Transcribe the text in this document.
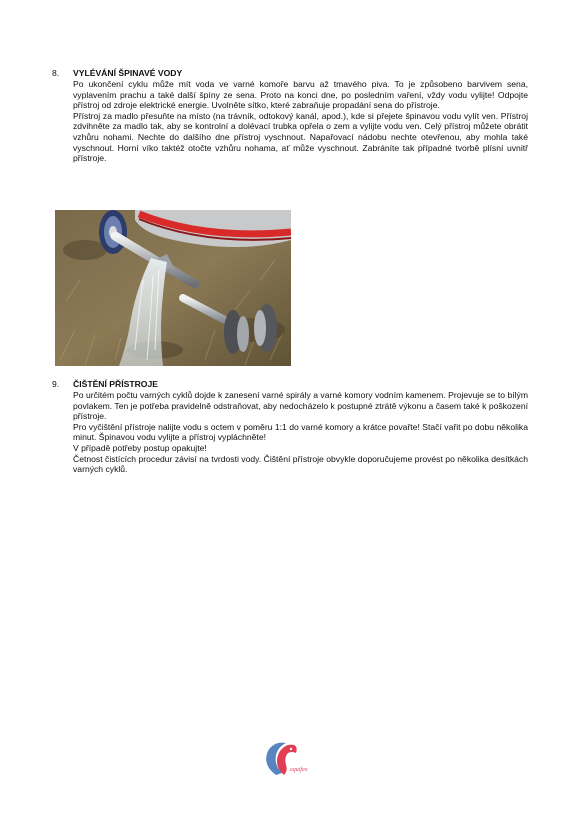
8. VYLÉVÁNÍ ŠPINAVÉ VODY

Po ukončení cyklu může mít voda ve varné komoře barvu až tmavého piva. To je způsobeno barvivem sena, vyplavením prachu a také další špíny ze sena. Proto na konci dne, po posledním vaření, vždy vodu vylijte! Odpojte přístroj od zdroje elektrické energie. Uvolněte sítko, které zabraňuje propadání sena do přístroje.

Přístroj za madlo přesuňte na místo (na trávník, odtokový kanál, apod.), kde si přejete špinavou vodu vylít ven. Přístroj zdvihněte za madlo tak, aby se kontrolní a dolévací trubka opřela o zem a vylijte vodu ven. Celý přístroj můžete obrátit vzhůru nohami. Nechte do dalšího dne přístroj vyschnout. Napařovací nádobu nechte otevřenou, aby mohla také vyschnout. Horní víko taktéž otočte vzhůru nohama, ať může vyschnout. Zabráníte tak případné tvorbě plísní uvnitř přístroje.

9. ČIŠTĚNÍ PŘÍSTROJE

Po určitém počtu varných cyklů dojde k zanesení varné spirály a varné komory vodním kamenem. Projevuje se to bílým povlakem. Ten je potřeba pravidelně odstraňovat, aby nedocházelo k postupné ztrátě výkonu a časem také k poškození přístroje.

Pro vyčištění přístroje nalijte vodu s octem v poměru 1:1 do varné komory a krátce povařte! Stačí vařit po dobu několika minut. Špinavou vodu vylijte a přístroj vypláchněte!

V případě potřeby postup opakujte!

Četnost čistících procedur závisí na tvrdosti vody. Čištění přístroje obvykle doporučujeme provést po několika desítkách varných cyklů.

equifeo
